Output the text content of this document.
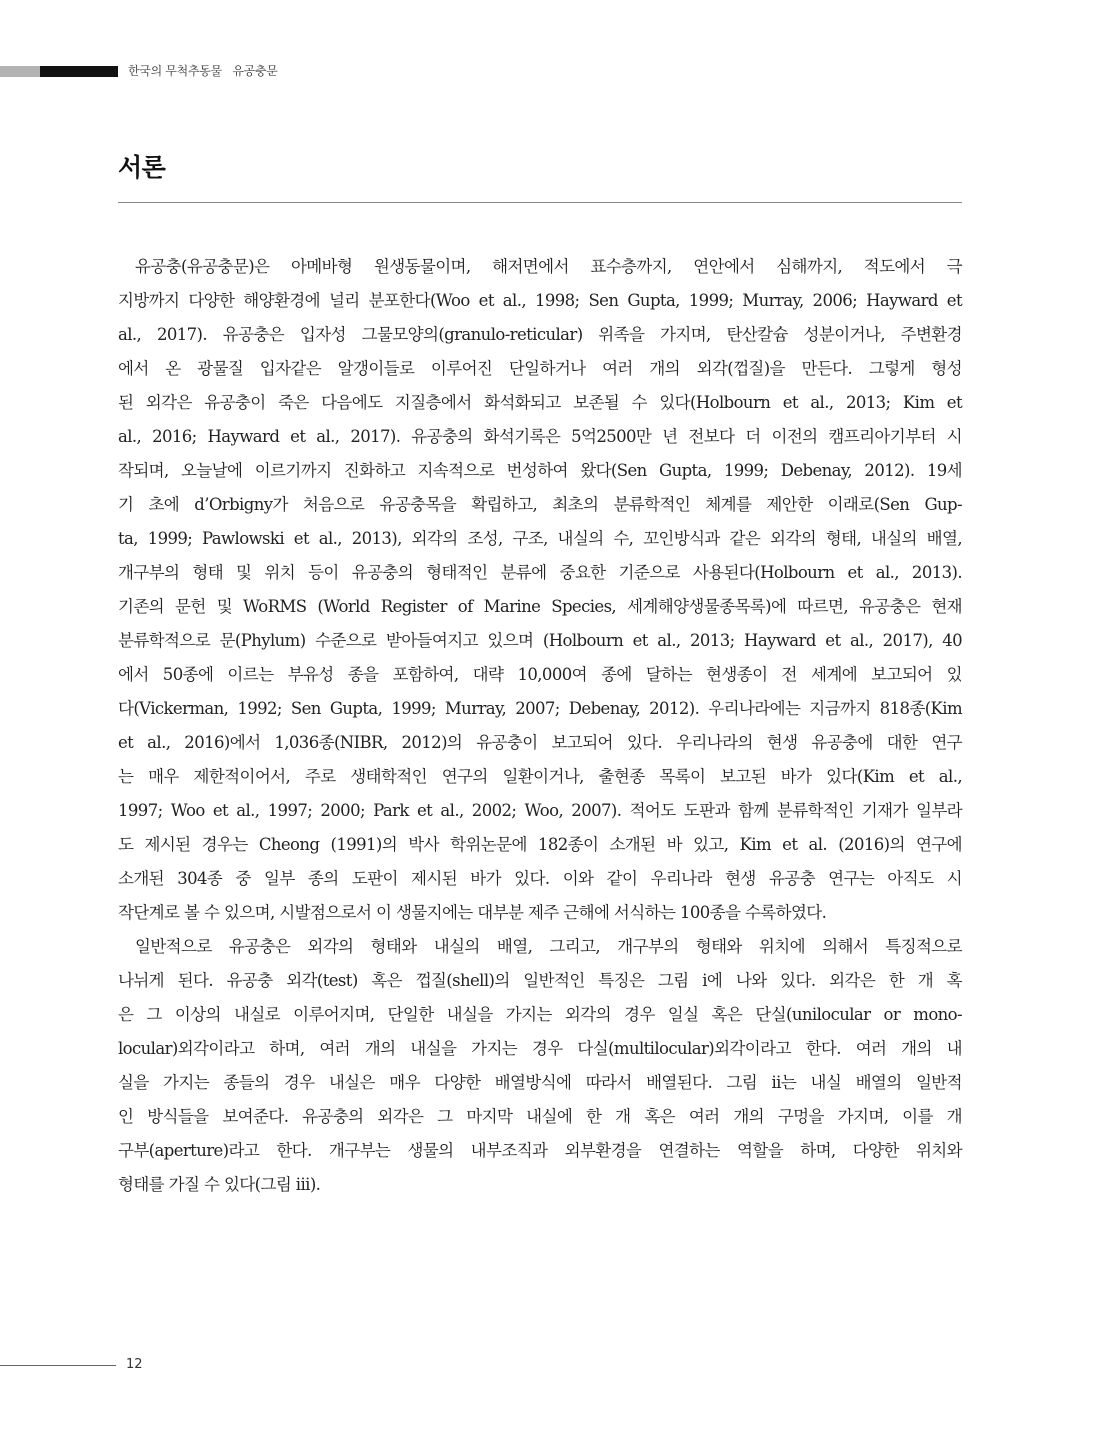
한국의 무척추동물   유공충문
서론
유공충(유공충문)은 아메바형 원생동물이며, 해저면에서 표수층까지, 연안에서 심해까지, 적도에서 극
지방까지 다양한 해양환경에 널리 분포한다(Woo et al., 1998; Sen Gupta, 1999; Murray, 2006; Hayward et
al., 2017). 유공충은 입자성 그물모양의(granulo-reticular) 위족을 가지며, 탄산칼슘 성분이거나, 주변환경
에서 온 광물질 입자같은 알갱이들로 이루어진 단일하거나 여러 개의 외각(껍질)을 만든다. 그렇게 형성
된 외각은 유공충이 죽은 다음에도 지질층에서 화석화되고 보존될 수 있다(Holbourn et al., 2013; Kim et
al., 2016; Hayward et al., 2017). 유공충의 화석기록은 5억2500만 년 전보다 더 이전의 캠프리아기부터 시
작되며, 오늘날에 이르기까지 진화하고 지속적으로 번성하여 왔다(Sen Gupta, 1999; Debenay, 2012). 19세
기 초에 d’Orbigny가 처음으로 유공충목을 확립하고, 최초의 분류학적인 체계를 제안한 이래로(Sen Gup-
ta, 1999; Pawlowski et al., 2013), 외각의 조성, 구조, 내실의 수, 꼬인방식과 같은 외각의 형태, 내실의 배열,
개구부의 형태 및 위치 등이 유공충의 형태적인 분류에 중요한 기준으로 사용된다(Holbourn et al., 2013).
기존의 문헌 및 WoRMS (World Register of Marine Species, 세계해양생물종목록)에 따르면, 유공충은 현재
분류학적으로 문(Phylum) 수준으로 받아들여지고 있으며 (Holbourn et al., 2013; Hayward et al., 2017), 40
에서 50종에 이르는 부유성 종을 포함하여, 대략 10,000여 종에 달하는 현생종이 전 세계에 보고되어 있
다(Vickerman, 1992; Sen Gupta, 1999; Murray, 2007; Debenay, 2012). 우리나라에는 지금까지 818종(Kim
et al., 2016)에서 1,036종(NIBR, 2012)의 유공충이 보고되어 있다. 우리나라의 현생 유공충에 대한 연구
는 매우 제한적이어서, 주로 생태학적인 연구의 일환이거나, 출현종 목록이 보고된 바가 있다(Kim et al.,
1997; Woo et al., 1997; 2000; Park et al., 2002; Woo, 2007). 적어도 도판과 함께 분류학적인 기재가 일부라
도 제시된 경우는 Cheong (1991)의 박사 학위논문에 182종이 소개된 바 있고, Kim et al. (2016)의 연구에
소개된 304종 중 일부 종의 도판이 제시된 바가 있다. 이와 같이 우리나라 현생 유공충 연구는 아직도 시
작단계로 볼 수 있으며, 시발점으로서 이 생물지에는 대부분 제주 근해에 서식하는 100종을 수록하였다.
일반적으로 유공충은 외각의 형태와 내실의 배열, 그리고, 개구부의 형태와 위치에 의해서 특징적으로
나뉘게 된다. 유공충 외각(test) 혹은 껍질(shell)의 일반적인 특징은 그림 i에 나와 있다. 외각은 한 개 혹
은 그 이상의 내실로 이루어지며, 단일한 내실을 가지는 외각의 경우 일실 혹은 단실(unilocular or mono-
locular)외각이라고 하며, 여러 개의 내실을 가지는 경우 다실(multilocular)외각이라고 한다. 여러 개의 내
실을 가지는 종들의 경우 내실은 매우 다양한 배열방식에 따라서 배열된다. 그림 ii는 내실 배열의 일반적
인 방식들을 보여준다. 유공충의 외각은 그 마지막 내실에 한 개 혹은 여러 개의 구멍을 가지며, 이를 개
구부(aperture)라고 한다. 개구부는 생물의 내부조직과 외부환경을 연결하는 역할을 하며, 다양한 위치와
형태를 가질 수 있다(그림 iii).
12
